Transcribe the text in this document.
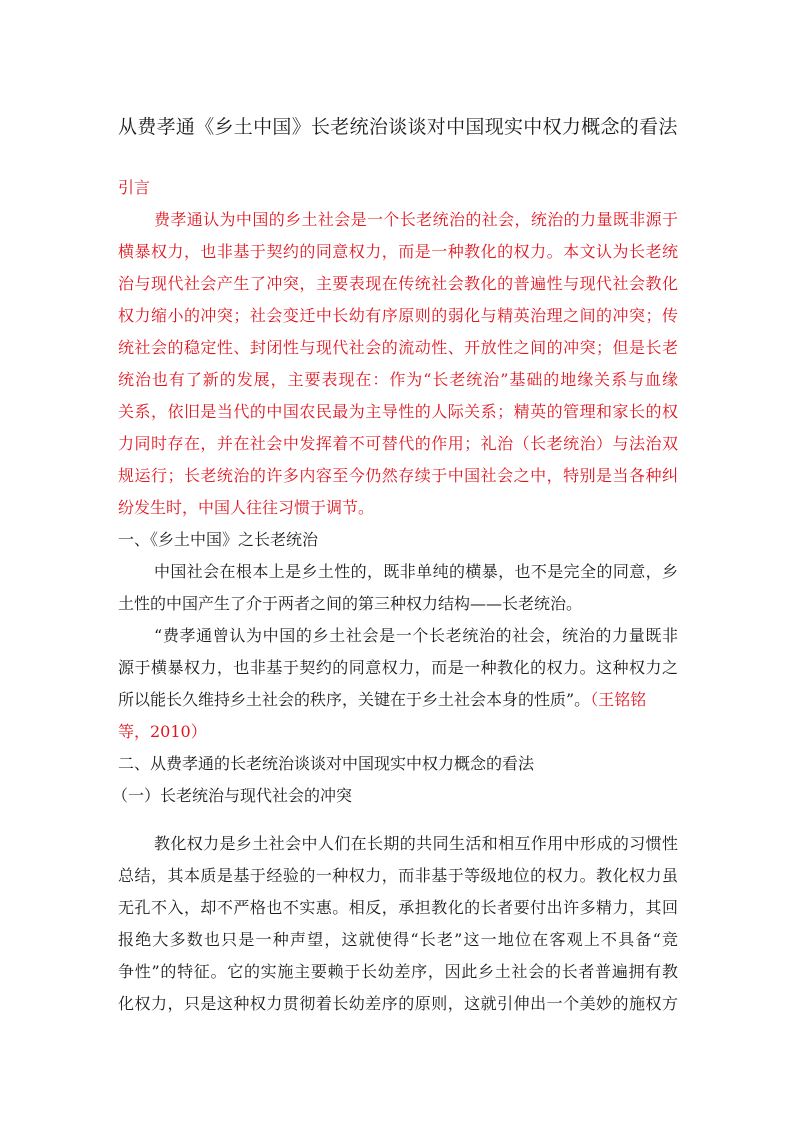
从费孝通《乡土中国》长老统治谈谈对中国现实中权力概念的看法
引言
费孝通认为中国的乡土社会是一个长老统治的社会，统治的力量既非源于
横暴权力，也非基于契约的同意权力，而是一种教化的权力。本文认为长老统
治与现代社会产生了冲突，主要表现在传统社会教化的普遍性与现代社会教化
权力缩小的冲突；社会变迁中长幼有序原则的弱化与精英治理之间的冲突；传
统社会的稳定性、封闭性与现代社会的流动性、开放性之间的冲突；但是长老
统治也有了新的发展，主要表现在：作为“长老统治”基础的地缘关系与血缘
关系，依旧是当代的中国农民最为主导性的人际关系；精英的管理和家长的权
力同时存在，并在社会中发挥着不可替代的作用；礼治（长老统治）与法治双
规运行；长老统治的许多内容至今仍然存续于中国社会之中，特别是当各种纠
纷发生时，中国人往往习惯于调节。
一、《乡土中国》之长老统治
中国社会在根本上是乡土性的，既非单纯的横暴，也不是完全的同意，乡
土性的中国产生了介于两者之间的第三种权力结构——长老统治。
“费孝通曾认为中国的乡土社会是一个长老统治的社会，统治的力量既非
源于横暴权力，也非基于契约的同意权力，而是一种教化的权力。这种权力之
所以能长久维持乡土社会的秩序，关键在于乡土社会本身的性质”。（王铭铭
等，2010）
二、从费孝通的长老统治谈谈对中国现实中权力概念的看法
（一）长老统治与现代社会的冲突
教化权力是乡土社会中人们在长期的共同生活和相互作用中形成的习惯性
总结，其本质是基于经验的一种权力，而非基于等级地位的权力。教化权力虽
无孔不入，却不严格也不实惠。相反，承担教化的长者要付出许多精力，其回
报绝大多数也只是一种声望，这就使得“长老”这一地位在客观上不具备“竞
争性”的特征。它的实施主要赖于长幼差序，因此乡土社会的长者普遍拥有教
化权力，只是这种权力贯彻着长幼差序的原则，这就引伸出一个美妙的施权方
